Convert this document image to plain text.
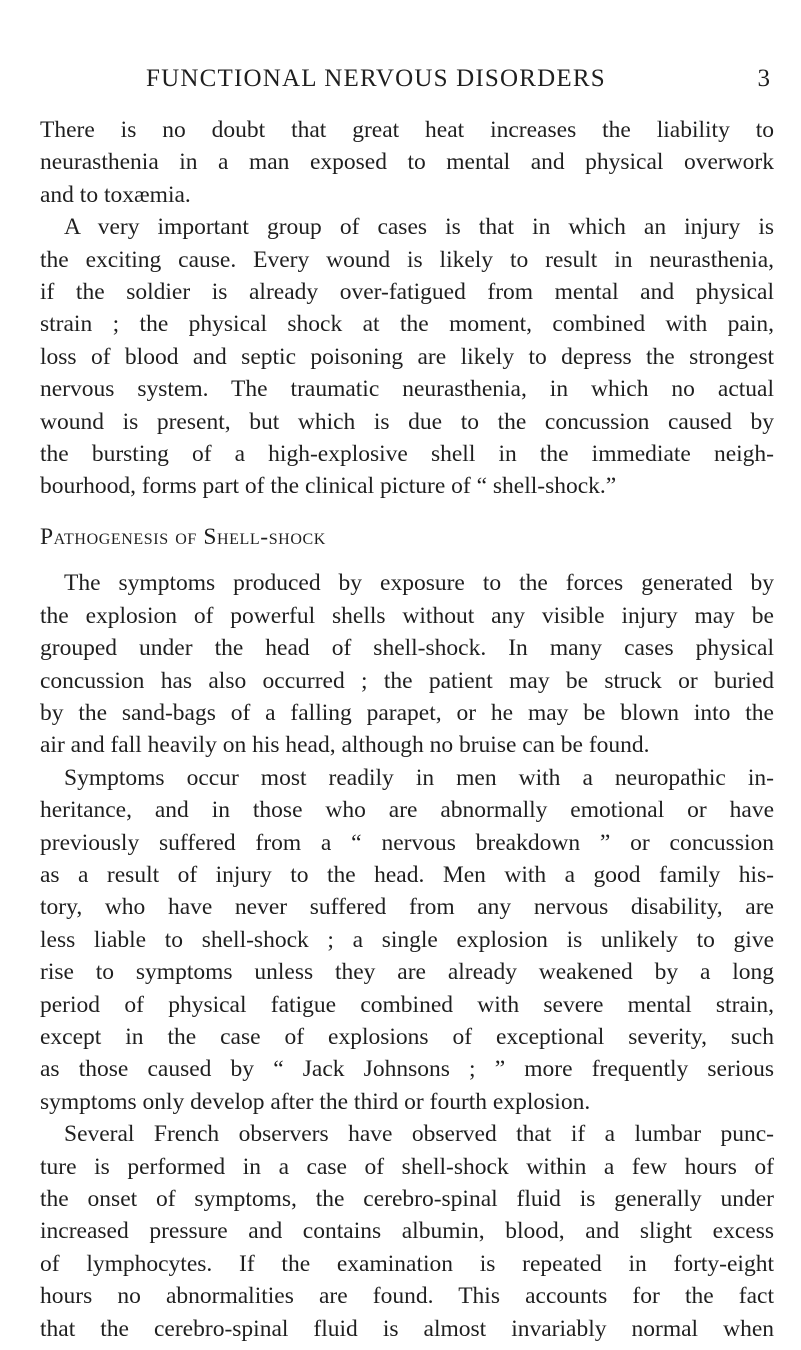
FUNCTIONAL NERVOUS DISORDERS	3
There is no doubt that great heat increases the liability to
neurasthenia in a man exposed to mental and physical overwork
and to toxæmia.
A very important group of cases is that in which an injury is
the exciting cause. Every wound is likely to result in neurasthenia,
if the soldier is already over-fatigued from mental and physical
strain ; the physical shock at the moment, combined with pain,
loss of blood and septic poisoning are likely to depress the strongest
nervous system. The traumatic neurasthenia, in which no actual
wound is present, but which is due to the concussion caused by
the bursting of a high-explosive shell in the immediate neigh-
bourhood, forms part of the clinical picture of “ shell-shock.”
Pathogenesis of Shell-shock
The symptoms produced by exposure to the forces generated by
the explosion of powerful shells without any visible injury may be
grouped under the head of shell-shock. In many cases physical
concussion has also occurred ; the patient may be struck or buried
by the sand-bags of a falling parapet, or he may be blown into the
air and fall heavily on his head, although no bruise can be found.
Symptoms occur most readily in men with a neuropathic in-
heritance, and in those who are abnormally emotional or have
previously suffered from a “ nervous breakdown ” or concussion
as a result of injury to the head. Men with a good family his-
tory, who have never suffered from any nervous disability, are
less liable to shell-shock ; a single explosion is unlikely to give
rise to symptoms unless they are already weakened by a long
period of physical fatigue combined with severe mental strain,
except in the case of explosions of exceptional severity, such
as those caused by “ Jack Johnsons ; ” more frequently serious
symptoms only develop after the third or fourth explosion.
Several French observers have observed that if a lumbar punc-
ture is performed in a case of shell-shock within a few hours of
the onset of symptoms, the cerebro-spinal fluid is generally under
increased pressure and contains albumin, blood, and slight excess
of lymphocytes. If the examination is repeated in forty-eight
hours no abnormalities are found. This accounts for the fact
that the cerebro-spinal fluid is almost invariably normal when
